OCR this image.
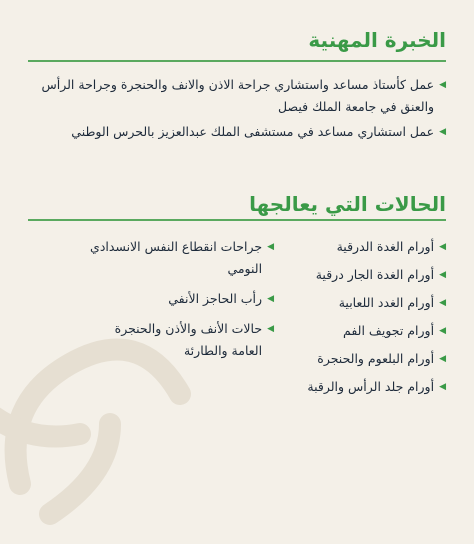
الخبرة المهنية
◀
عمل كأستاذ مساعد واستشاري جراحة الاذن والانف والحنجرة وجراحة الرأس والعنق في جامعة الملك فيصل
◀
عمل استشاري مساعد في مستشفى الملك عبدالعزيز بالحرس الوطني
الحالات التي يعالجها
◀
أورام الغدة الدرقية
◀
أورام الغدة الجار درقية
◀
أورام الغدد اللعابية
◀
أورام تجويف الفم
◀
أورام البلعوم والحنجرة
◀
أورام جلد الرأس والرقبة
◀
جراحات انقطاع النفس الانسدادي النومي
◀
رأب الحاجز الأنفي
◀
حالات الأنف والأذن والحنجرة العامة والطارئة
